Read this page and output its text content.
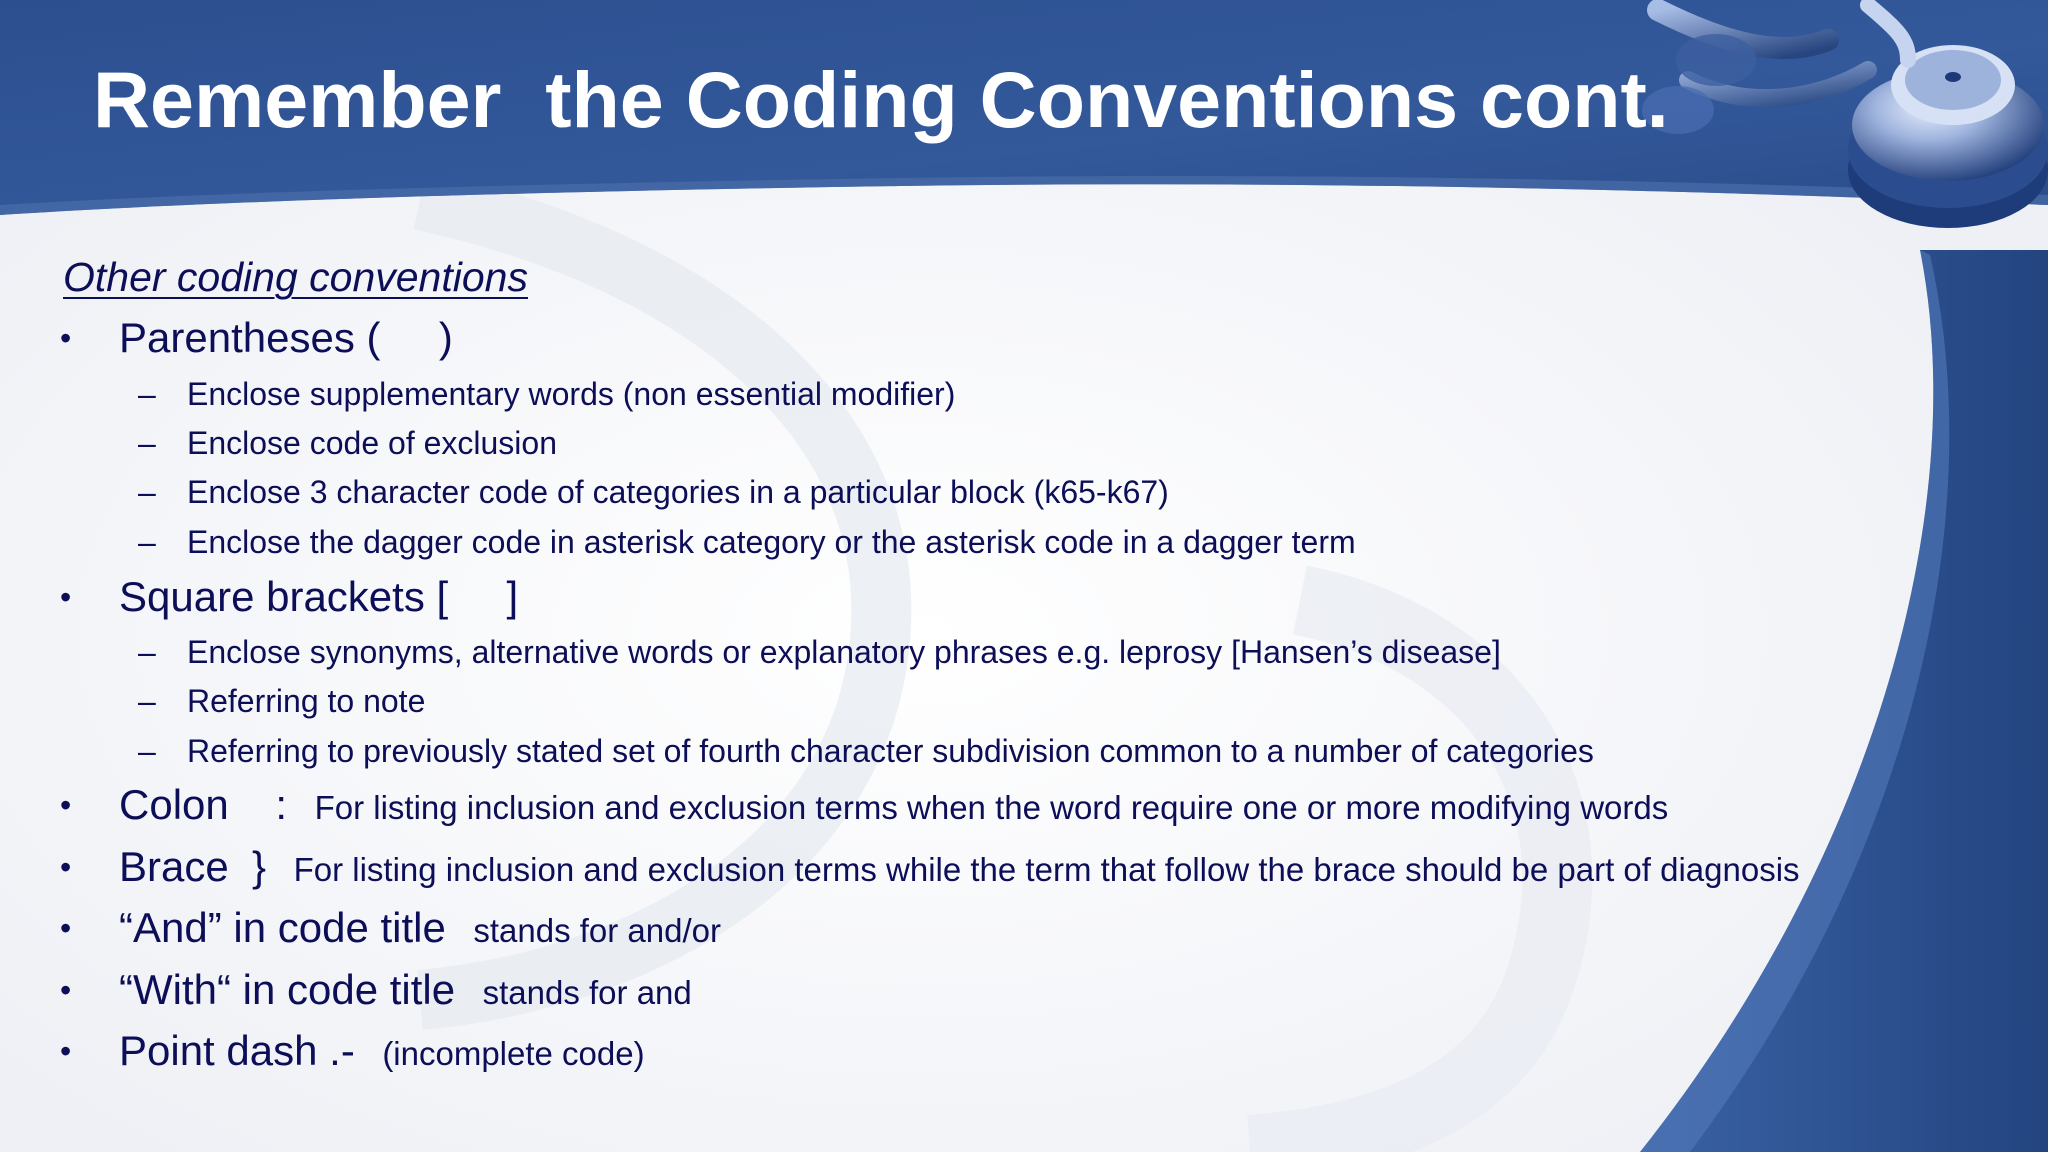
Remember  the Coding Conventions cont.
Other coding conventions
• Parentheses (     )
– Enclose supplementary words (non essential modifier)
– Enclose code of exclusion
– Enclose 3 character code of categories in a particular block (k65-k67)
– Enclose the dagger code in asterisk category or the asterisk code in a dagger term
• Square brackets [     ]
– Enclose synonyms, alternative words or explanatory phrases e.g. leprosy [Hansen’s disease]
– Referring to note
– Referring to previously stated set of fourth character subdivision common to a number of categories
• Colon    :   For listing inclusion and exclusion terms when the word require one or more modifying words
• Brace  }   For listing inclusion and exclusion terms while the term that follow the brace should be part of diagnosis
• “And” in code title   stands for and/or
• “With“ in code title   stands for and
• Point dash .-   (incomplete code)
